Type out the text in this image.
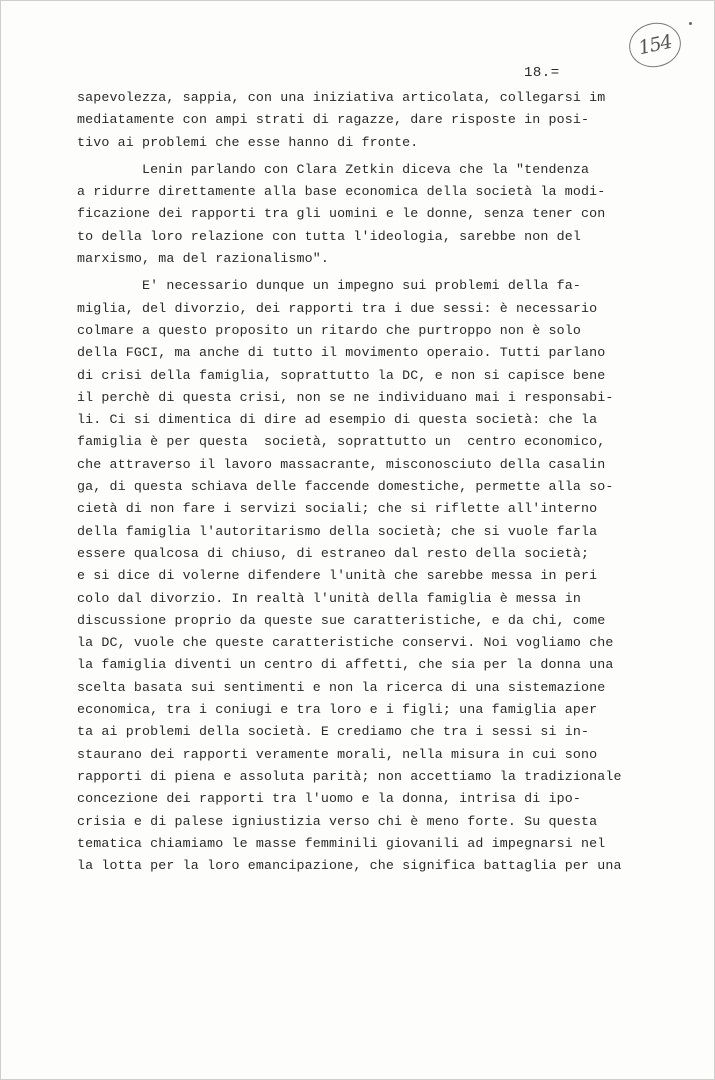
154
18.=
sapevolezza, sappia, con una iniziativa articolata, collegarsi im
mediatamente con ampi strati di ragazze, dare risposte in posi-
tivo ai problemi che esse hanno di fronte.
Lenin parlando con Clara Zetkin diceva che la "tendenza
a ridurre direttamente alla base economica della società la modi-
ficazione dei rapporti tra gli uomini e le donne, senza tener con
to della loro relazione con tutta l'ideologia, sarebbe non del
marxismo, ma del razionalismo".
E' necessario dunque un impegno sui problemi della fa-
miglia, del divorzio, dei rapporti tra i due sessi: è necessario
colmare a questo proposito un ritardo che purtroppo non è solo
della FGCI, ma anche di tutto il movimento operaio. Tutti parlano
di crisi della famiglia, soprattutto la DC, e non si capisce bene
il perchè di questa crisi, non se ne individuano mai i responsabi-
li. Ci si dimentica di dire ad esempio di questa società: che la
famiglia è per questa  società, soprattutto un  centro economico,
che attraverso il lavoro massacrante, misconosciuto della casalin
ga, di questa schiava delle faccende domestiche, permette alla so-
cietà di non fare i servizi sociali; che si riflette all'interno
della famiglia l'autoritarismo della società; che si vuole farla
essere qualcosa di chiuso, di estraneo dal resto della società;
e si dice di volerne difendere l'unità che sarebbe messa in peri
colo dal divorzio. In realtà l'unità della famiglia è messa in
discussione proprio da queste sue caratteristiche, e da chi, come
la DC, vuole che queste caratteristiche conservi. Noi vogliamo che
la famiglia diventi un centro di affetti, che sia per la donna una
scelta basata sui sentimenti e non la ricerca di una sistemazione
economica, tra i coniugi e tra loro e i figli; una famiglia aper
ta ai problemi della società. E crediamo che tra i sessi si in-
staurano dei rapporti veramente morali, nella misura in cui sono
rapporti di piena e assoluta parità; non accettiamo la tradizionale
concezione dei rapporti tra l'uomo e la donna, intrisa di ipo-
crisia e di palese igniustizia verso chi è meno forte. Su questa
tematica chiamiamo le masse femminili giovanili ad impegnarsi nel
la lotta per la loro emancipazione, che significa battaglia per una
